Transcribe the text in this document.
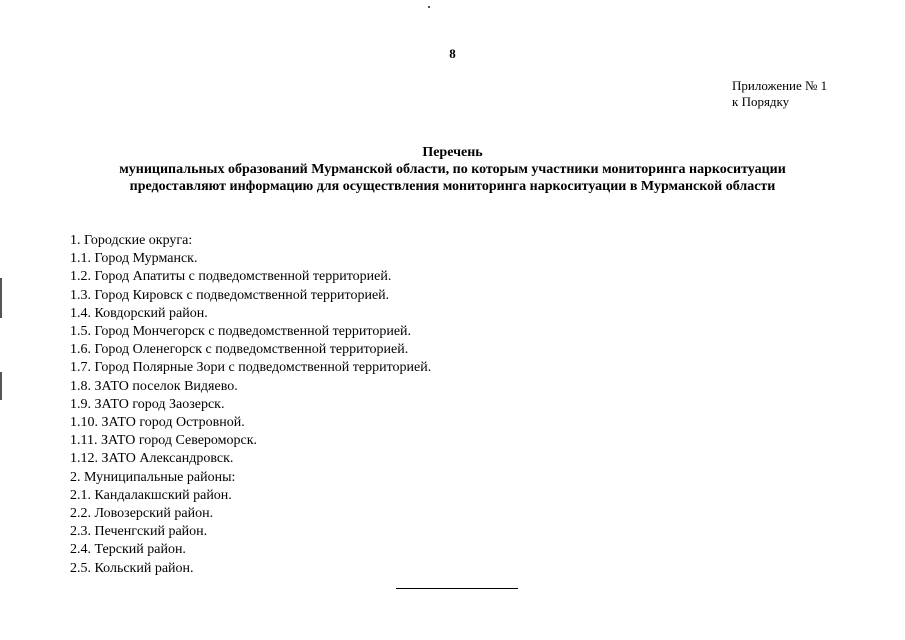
8
Приложение № 1
к Порядку
Перечень
муниципальных образований Мурманской области, по которым участники мониторинга наркоситуации
предоставляют информацию для осуществления мониторинга наркоситуации в Мурманской области
1. Городские округа:
1.1. Город Мурманск.
1.2. Город Апатиты с подведомственной территорией.
1.3. Город Кировск с подведомственной территорией.
1.4. Ковдорский район.
1.5. Город Мончегорск с подведомственной территорией.
1.6. Город Оленегорск с подведомственной территорией.
1.7. Город Полярные Зори с подведомственной территорией.
1.8. ЗАТО поселок Видяево.
1.9. ЗАТО город Заозерск.
1.10. ЗАТО город Островной.
1.11. ЗАТО город Североморск.
1.12. ЗАТО Александровск.
2. Муниципальные районы:
2.1. Кандалакшский район.
2.2. Ловозерский район.
2.3. Печенгский район.
2.4. Терский район.
2.5. Кольский район.
